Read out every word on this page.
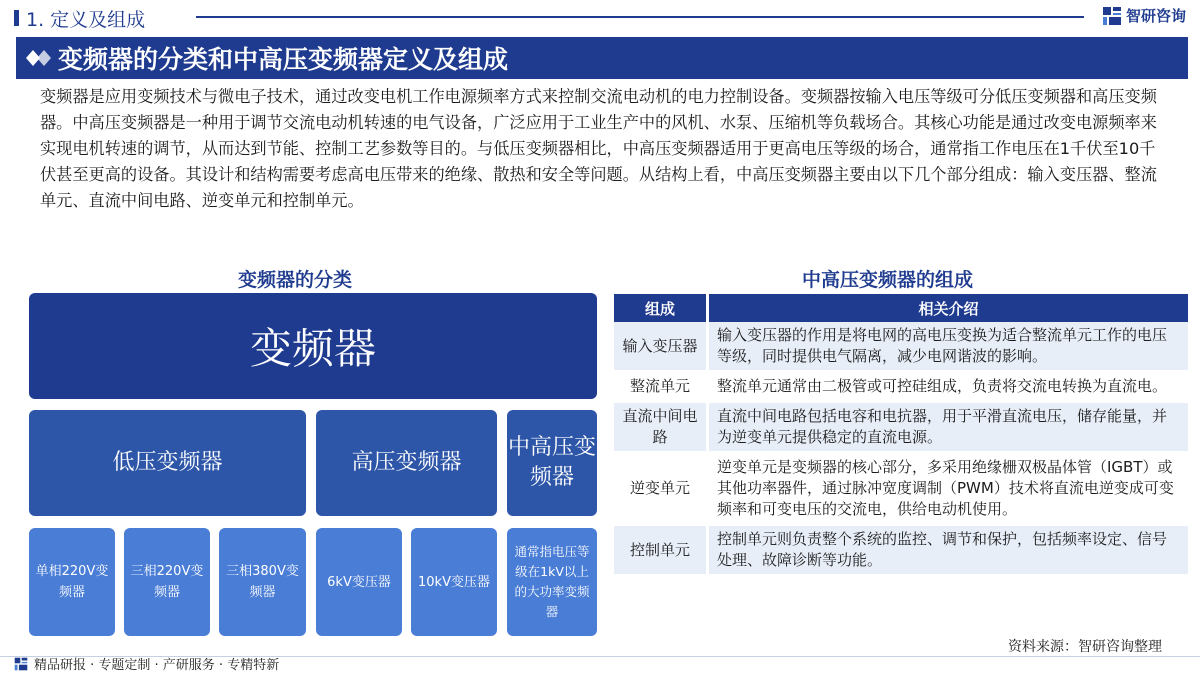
1. 定义及组成	智研咨询
变频器的分类和中高压变频器定义及组成
变频器是应用变频技术与微电子技术，通过改变电机工作电源频率方式来控制交流电动机的电力控制设备。变频器按输入电压等级可分低压变频器和高压变频器。中高压变频器是一种用于调节交流电动机转速的电气设备，广泛应用于工业生产中的风机、水泵、压缩机等负载场合。其核心功能是通过改变电源频率来实现电机转速的调节，从而达到节能、控制工艺参数等目的。与低压变频器相比，中高压变频器适用于更高电压等级的场合，通常指工作电压在1千伏至10千伏甚至更高的设备。其设计和结构需要考虑高电压带来的绝缘、散热和安全等问题。从结构上看，中高压变频器主要由以下几个部分组成：输入变压器、整流单元、直流中间电路、逆变单元和控制单元。
变频器的分类	中高压变频器的组成
变频器
低压变频器	高压变频器
中高压变频器
单相220V变频器
三相220V变频器
三相380V变频器
6kV变压器	10kV变压器
通常指电压等级在1kV以上的大功率变频器
组成	相关介绍
输入变压器	输入变压器的作用是将电网的高电压变换为适合整流单元工作的电压等级，同时提供电气隔离，减少电网谐波的影响。
整流单元	整流单元通常由二极管或可控硅组成，负责将交流电转换为直流电。
直流中间电路	直流中间电路包括电容和电抗器，用于平滑直流电压，储存能量，并为逆变单元提供稳定的直流电源。
逆变单元	逆变单元是变频器的核心部分，多采用绝缘栅双极晶体管（IGBT）或其他功率器件，通过脉冲宽度调制（PWM）技术将直流电逆变成可变频率和可变电压的交流电，供给电动机使用。
控制单元	控制单元则负责整个系统的监控、调节和保护，包括频率设定、信号处理、故障诊断等功能。
资料来源：智研咨询整理
精品研报 · 专题定制 · 产研服务 · 专精特新
